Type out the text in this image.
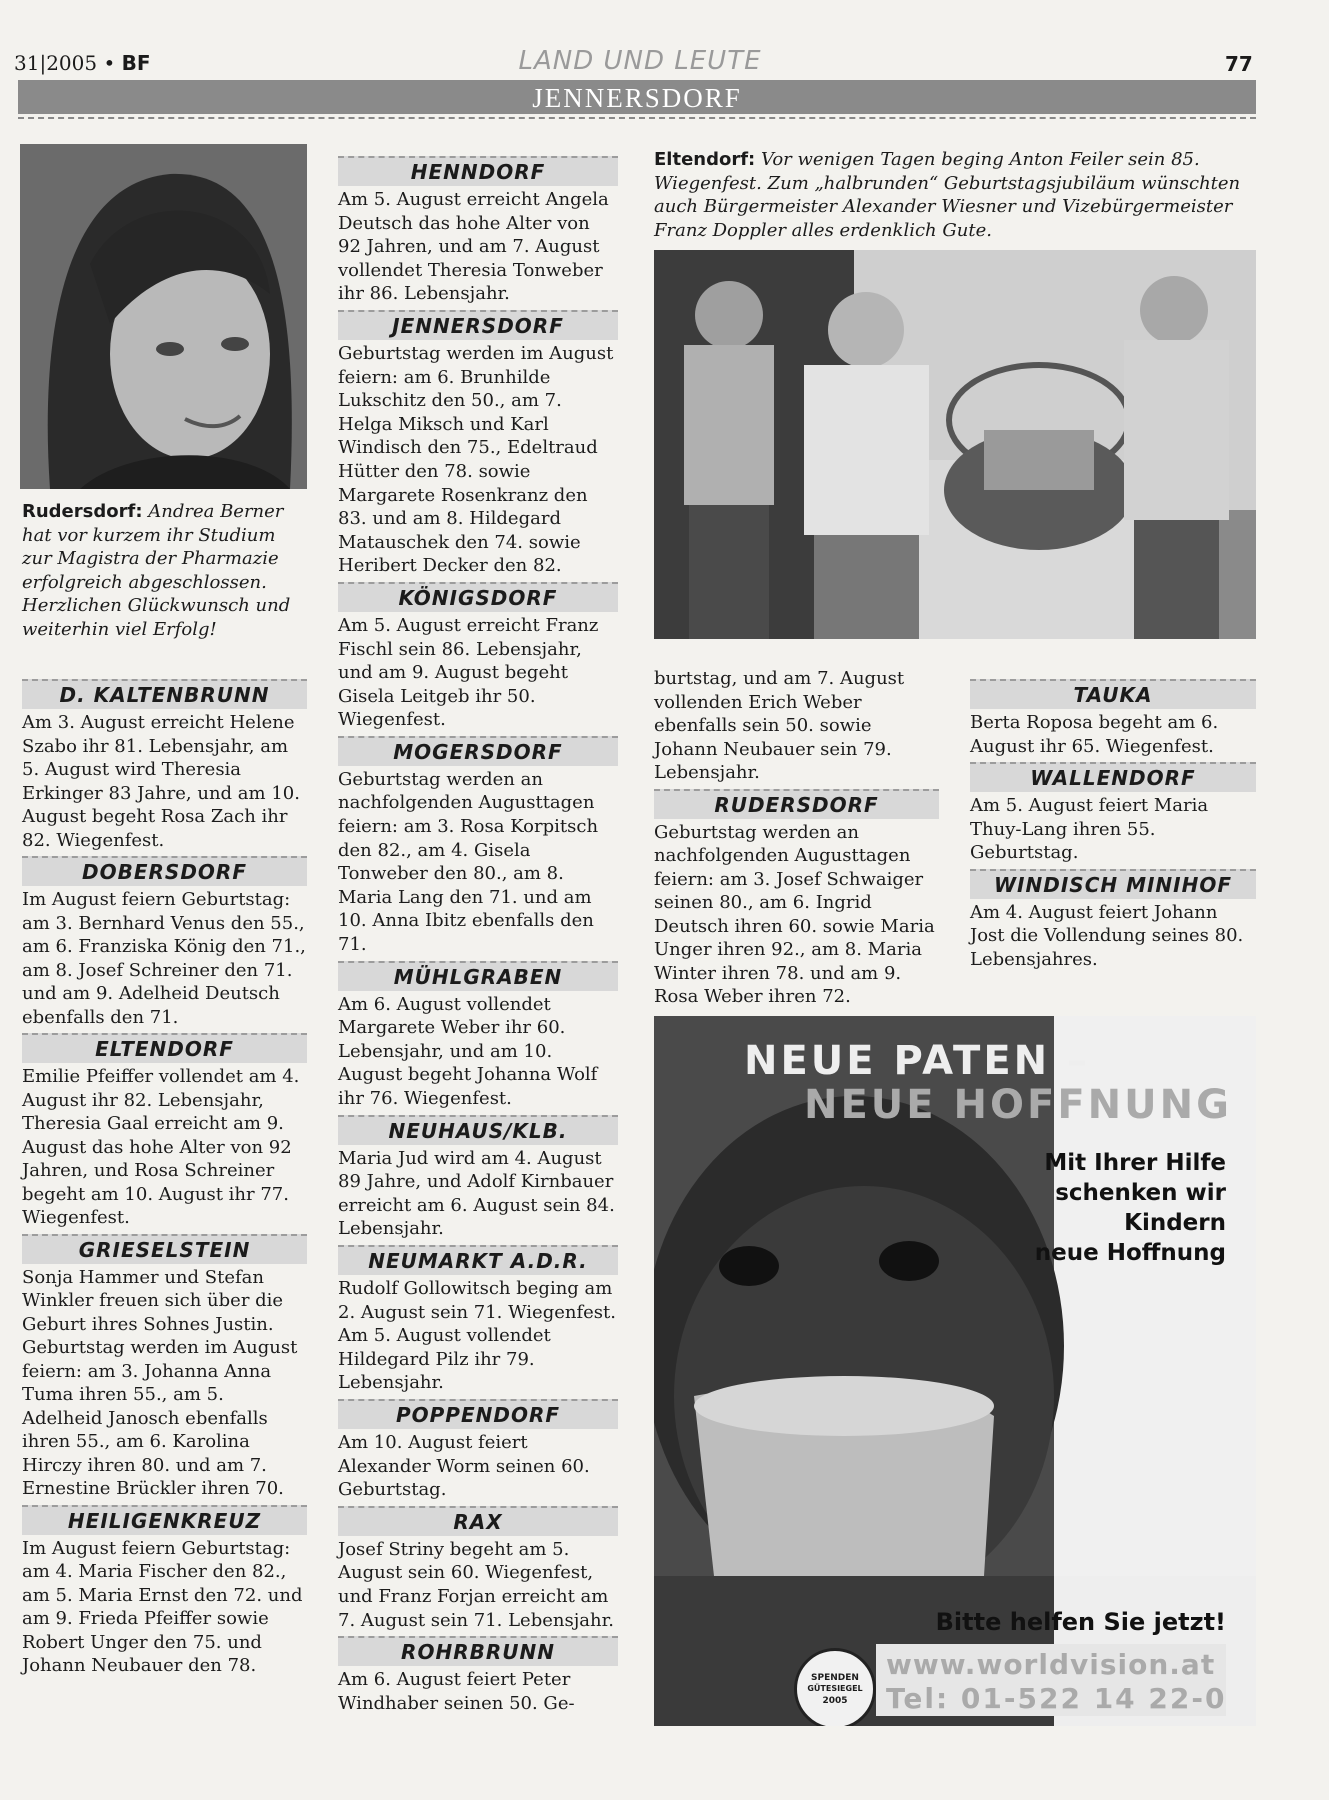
31|2005 • BF	LAND UND LEUTE	77
JENNERSDORF
Rudersdorf: Andrea Berner hat vor kurzem ihr Studium zur Magistra der Pharmazie erfolgreich abgeschlossen. Herzlichen Glückwunsch und weiterhin viel Erfolg!
D. KALTENBRUNN

Am 3. August erreicht Helene Szabo ihr 81. Lebensjahr, am 5. August wird Theresia Erkinger 83 Jahre, und am 10. August begeht Rosa Zach ihr 82. Wiegenfest.

DOBERSDORF

Im August feiern Geburtstag: am 3. Bernhard Venus den 55., am 6. Franziska König den 71., am 8. Josef Schreiner den 71. und am 9. Adelheid Deutsch ebenfalls den 71.

ELTENDORF

Emilie Pfeiffer vollendet am 4. August ihr 82. Lebensjahr, Theresia Gaal erreicht am 9. August das hohe Alter von 92 Jahren, und Rosa Schreiner begeht am 10. August ihr 77. Wiegenfest.

GRIESELSTEIN

Sonja Hammer und Stefan Winkler freuen sich über die Geburt ihres Sohnes Justin. Geburtstag werden im August feiern: am 3. Johanna Anna Tuma ihren 55., am 5. Adelheid Janosch ebenfalls ihren 55., am 6. Karolina Hirczy ihren 80. und am 7. Ernestine Brückler ihren 70.

HEILIGENKREUZ

Im August feiern Geburtstag: am 4. Maria Fischer den 82., am 5. Maria Ernst den 72. und am 9. Frieda Pfeiffer sowie Robert Unger den 75. und Johann Neubauer den 78.

HENNDORF

Am 5. August erreicht Angela Deutsch das hohe Alter von 92 Jahren, und am 7. August vollendet Theresia Tonweber ihr 86. Lebensjahr.

JENNERSDORF

Geburtstag werden im August feiern: am 6. Brunhilde Lukschitz den 50., am 7. Helga Miksch und Karl Windisch den 75., Edeltraud Hütter den 78. sowie Margarete Rosenkranz den 83. und am 8. Hildegard Matauschek den 74. sowie Heribert Decker den 82.

KÖNIGSDORF

Am 5. August erreicht Franz Fischl sein 86. Lebensjahr, und am 9. August begeht Gisela Leitgeb ihr 50. Wiegenfest.

MOGERSDORF

Geburtstag werden an nachfolgenden Augusttagen feiern: am 3. Rosa Korpitsch den 82., am 4. Gisela Tonweber den 80., am 8. Maria Lang den 71. und am 10. Anna Ibitz ebenfalls den 71.

MÜHLGRABEN

Am 6. August vollendet Margarete Weber ihr 60. Lebensjahr, und am 10. August begeht Johanna Wolf ihr 76. Wiegenfest.

NEUHAUS/KLB.

Maria Jud wird am 4. August 89 Jahre, und Adolf Kirnbauer erreicht am 6. August sein 84. Lebensjahr.

NEUMARKT A.D.R.

Rudolf Gollowitsch beging am 2. August sein 71. Wiegenfest. Am 5. August vollendet Hildegard Pilz ihr 79. Lebensjahr.

POPPENDORF

Am 10. August feiert Alexander Worm seinen 60. Geburtstag.

RAX

Josef Striny begeht am 5. August sein 60. Wiegenfest, und Franz Forjan erreicht am 7. August sein 71. Lebensjahr.

ROHRBRUNN

Am 6. August feiert Peter Windhaber seinen 50. Ge-

Eltendorf: Vor wenigen Tagen beging Anton Feiler sein 85. Wiegenfest. Zum „halbrunden“ Geburtstagsjubiläum wünschten auch Bürgermeister Alexander Wiesner und Vizebürgermeister Franz Doppler alles erdenklich Gute.

burtstag, und am 7. August vollenden Erich Weber ebenfalls sein 50. sowie Johann Neubauer sein 79. Lebensjahr.

RUDERSDORF

Geburtstag werden an nachfolgenden Augusttagen feiern: am 3. Josef Schwaiger seinen 80., am 6. Ingrid Deutsch ihren 60. sowie Maria Unger ihren 92., am 8. Maria Winter ihren 78. und am 9. Rosa Weber ihren 72.

TAUKA

Berta Roposa begeht am 6. August ihr 65. Wiegenfest.

WALLENDORF

Am 5. August feiert Maria Thuy-Lang ihren 55. Geburtstag.

WINDISCH MINIHOF

Am 4. August feiert Johann Jost die Vollendung seines 80. Lebensjahres.

NEUE PATEN –
NEUE HOFFNUNG
Mit Ihrer Hilfe
schenken wir
Kindern
neue Hoffnung
Bitte helfen Sie jetzt!
www.worldvision.at
Tel: 01-522 14 22-0
SPENDEN
GÜTESIEGEL
2005
